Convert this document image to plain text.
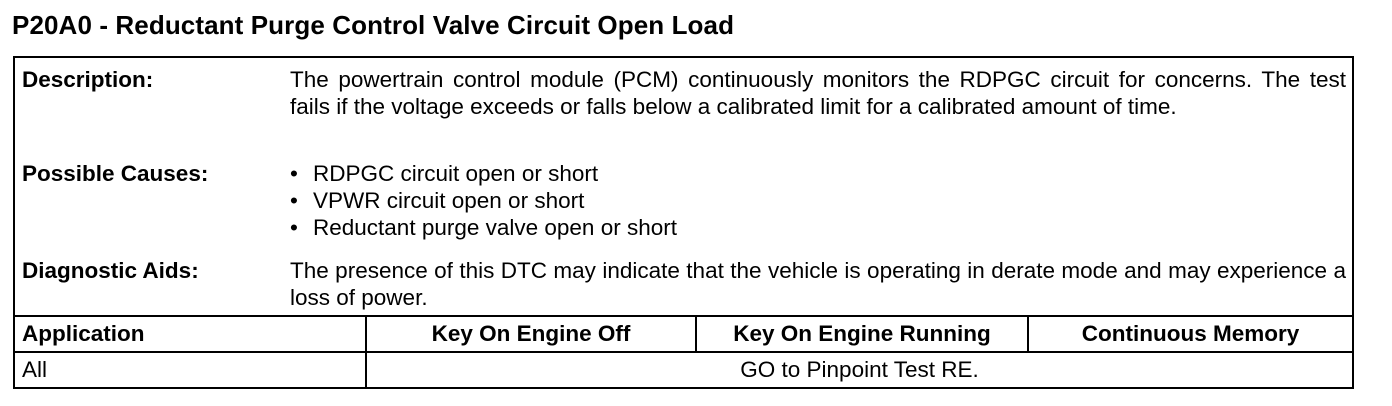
P20A0 - Reductant Purge Control Valve Circuit Open Load
Description:	The powertrain control module (PCM) continuously monitors the RDPGC circuit for concerns. The test fails if the voltage exceeds or falls below a calibrated limit for a calibrated amount of time.
Possible Causes:	• RDPGC circuit open or short
• VPWR circuit open or short
• Reductant purge valve open or short
Diagnostic Aids:	The presence of this DTC may indicate that the vehicle is operating in derate mode and may experience a loss of power.
Application	Key On Engine Off	Key On Engine Running	Continuous Memory
All	GO to Pinpoint Test RE.
